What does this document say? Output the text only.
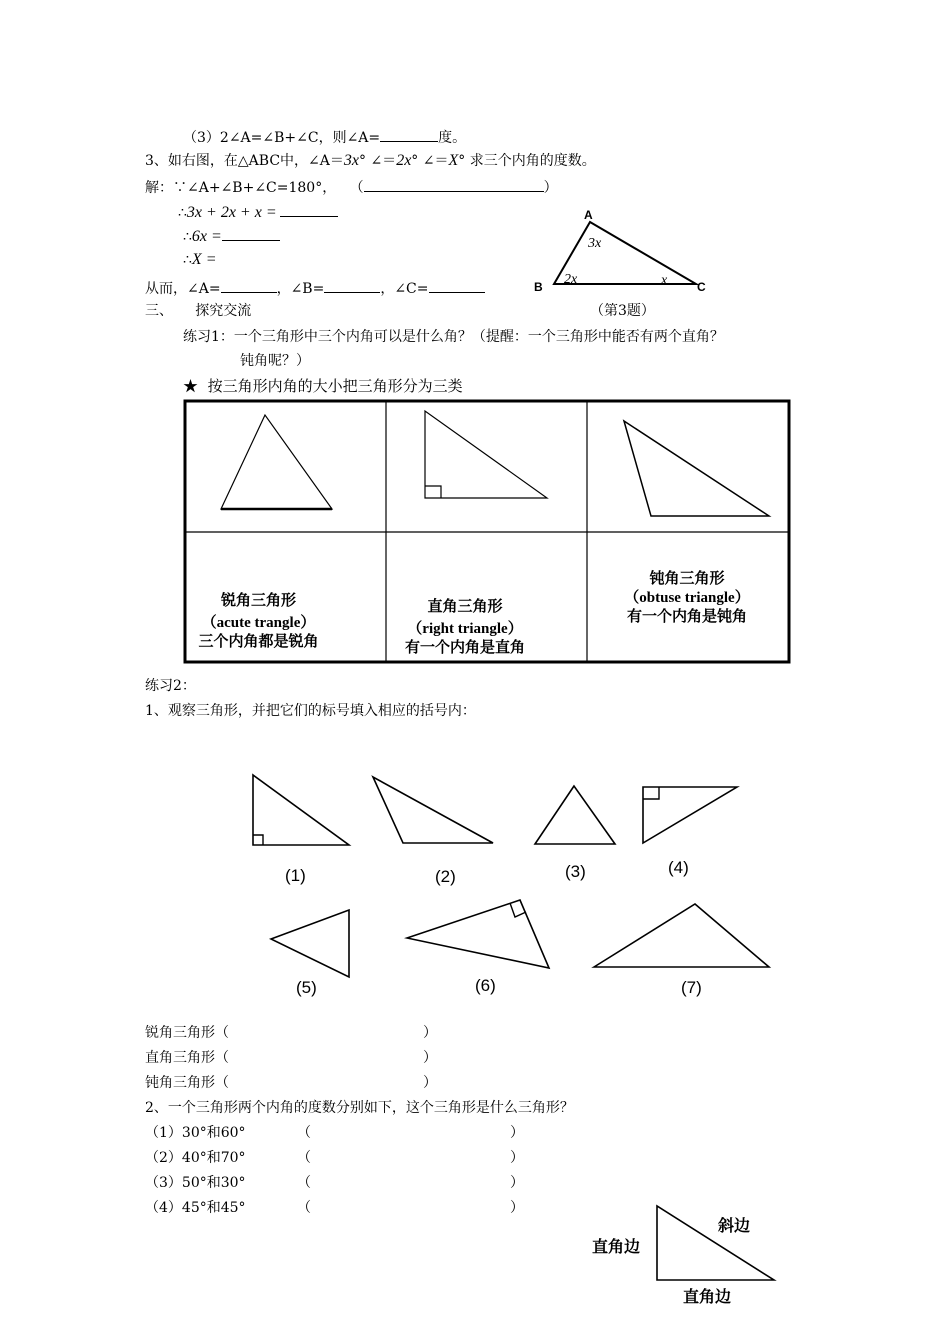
（3）2∠A=∠B+∠C，则∠A=	度。
3、如右图，在△ABC中，∠A＝3x° ∠＝2x° ∠＝X° 求三个内角的度数。
解：∵∠A+∠B+∠C=180°， （	）
∴3x + 2x + x =
∴6x =
∴X =
从而，∠A=	，∠B=	，∠C=
A
B	C
3x
2x	x
三、 探究交流	（第3题）
练习1：一个三角形中三个内角可以是什么角？（提醒：一个三角形中能否有两个直角？
钝角呢？）
★ 按三角形内角的大小把三角形分为三类
锐角三角形
（acute trangle）
三个内角都是锐角
直角三角形
（right triangle）
有一个内角是直角
钝角三角形
（obtuse triangle）
有一个内角是钝角
练习2：
1、观察三角形，并把它们的标号填入相应的括号内：
(1)	(2)	(3)	(4)
(5)	(6)	(7)
锐角三角形（	）
直角三角形（	）
钝角三角形（	）
2、一个三角形两个内角的度数分别如下，这个三角形是什么三角形？
（1）30°和60°	（	）
（2）40°和70°	（	）
（3）50°和30°	（	）
（4）45°和45°	（	）
直角边
斜边
直角边
